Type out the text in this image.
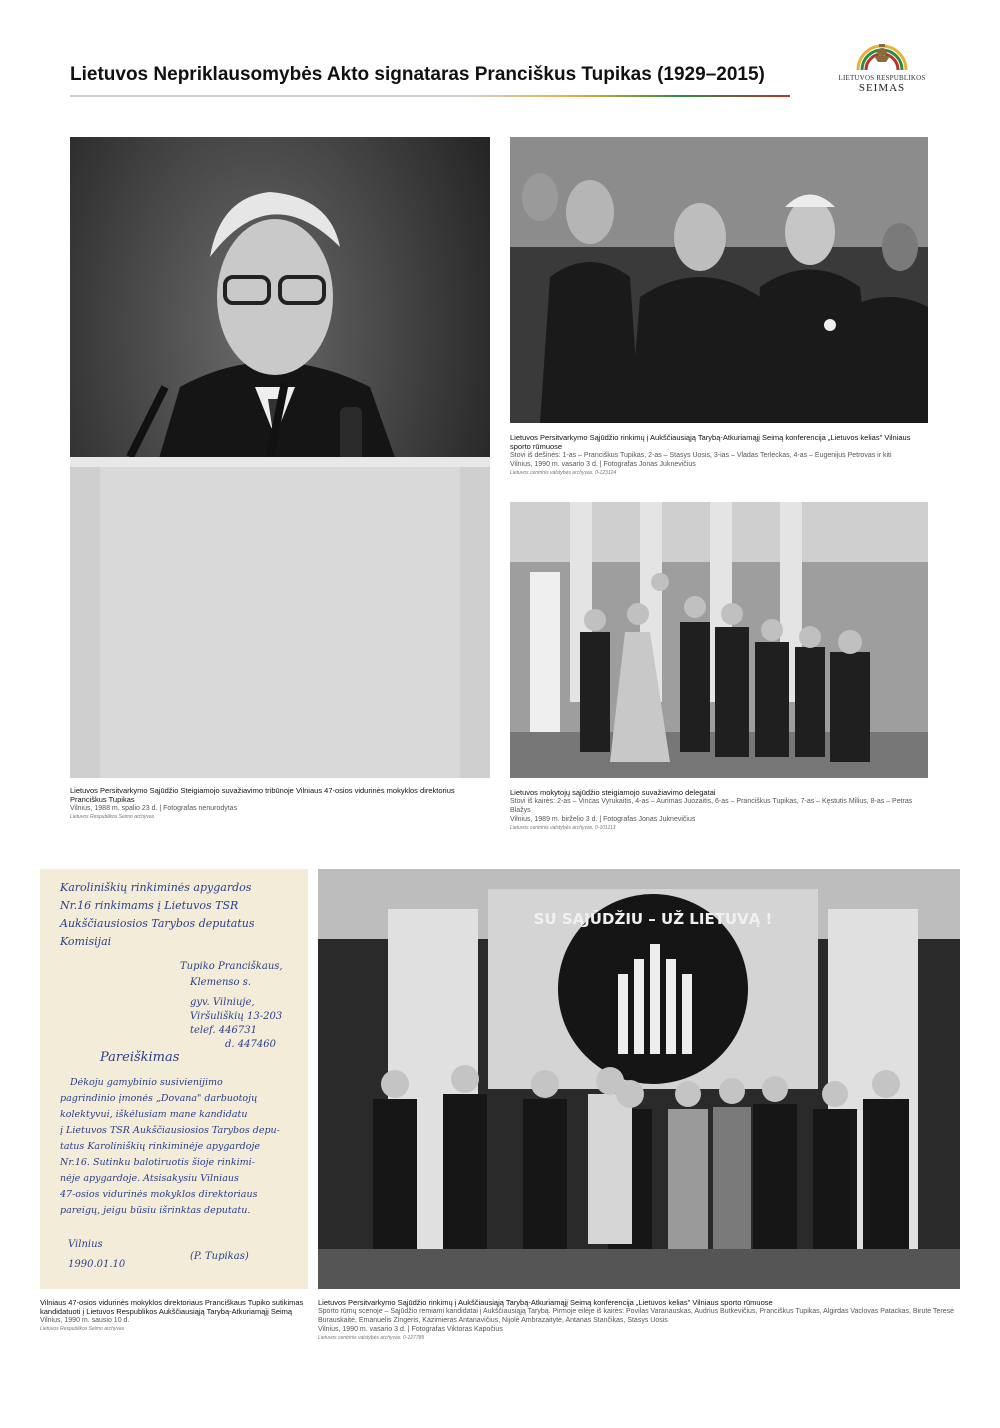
Lietuvos Nepriklausomybės Akto signataras Pranciškus Tupikas (1929–2015)	LIETUVOS RESPUBLIKOS
SEIMAS
Lietuvos Persitvarkymo Sąjūdžio Steigiamojo suvažiavimo tribūnoje Vilniaus 47-osios vidurinės mokyklos direktorius Pranciškus Tupikas
Vilnius, 1988 m. spalio 23 d. | Fotografas nenurodytas
Lietuvos Respublikos Seimo archyvas
Lietuvos Persitvarkymo Sąjūdžio rinkimų į Aukščiausiąją Tarybą-Atkuriamąjį Seimą konferencija „Lietuvos kelias" Vilniaus sporto rūmuose
Stovi iš dešinės: 1-as – Pranciškus Tupikas, 2-as – Stasys Uosis, 3-ias – Vladas Terleckas, 4-as – Eugenijus Petrovas ir kiti
Vilnius, 1990 m. vasario 3 d. | Fotografas Jonas Juknevičius
Lietuvos centrinis valstybės archyvas. 0-123124
Lietuvos mokytojų sąjūdžio steigiamojo suvažiavimo delegatai
Stovi iš kairės: 2-as – Vincas Vyrukaitis, 4-as – Aurimas Juozaitis, 6-as – Pranciškus Tupikas, 7-as – Kęstutis Milius, 8-as – Petras Blažys
Vilnius, 1989 m. birželio 3 d. | Fotografas Jonas Juknevičius
Lietuvos centrinis valstybės archyvas. 0-101113
Karoliniškių rinkiminės apygardos
Nr.16 rinkimams į Lietuvos TSR
Aukščiausiosios Tarybos deputatus
Komisijai
Tupiko Pranciškaus,
Klemenso s.
gyv. Vilniuje,
Viršuliškių 13-203
telef. 446731
d. 447460
Pareiškimas
Dėkoju gamybinio susivienijimo
pagrindinio įmonės „Dovana" darbuotojų
kolektyvui, iškėlusiam mane kandidatu
į Lietuvos TSR Aukščiausiosios Tarybos depu-
tatus Karoliniškių rinkiminėje apygardoje
Nr.16. Sutinku balotiruotis šioje rinkimi-
nėje apygardoje. Atsisakysiu Vilniaus
47-osios vidurinės mokyklos direktoriaus
pareigų, jeigu būsiu išrinktas deputatu.
Vilnius
1990.01.10
(P. Tupikas)
Vilniaus 47-osios vidurinės mokyklos direktoriaus Pranciškaus Tupiko sutikimas kandidatuoti į Lietuvos Respublikos Aukščiausiąją Tarybą-Atkuriamąjį Seimą
Vilnius, 1990 m. sausio 10 d.
Lietuvos Respublikos Seimo archyvas
SU SĄJŪDŽIU – UŽ LIETUVĄ !
Lietuvos Persitvarkymo Sąjūdžio rinkimų į Aukščiausiąją Tarybą-Atkuriamąjį Seimą konferencija „Lietuvos kelias" Vilniaus sporto rūmuose
Sporto rūmų scenoje – Sąjūdžio remiami kandidatai į Aukščiausiąją Tarybą. Pirmoje eilėje iš kairės: Povilas Varanauskas, Audrius Butkevičius, Pranciškus Tupikas, Algirdas Vaclovas Patackas, Birutė Teresė Burauskaitė, Emanuelis Zingeris, Kazimieras Antanavičius, Nijolė Ambrazaitytė, Antanas Stančikas, Stasys Uosis
Vilnius, 1990 m. vasario 3 d. | Fotografas Viktoras Kapočius
Lietuvos centrinis valstybės archyvas. 0-127789
